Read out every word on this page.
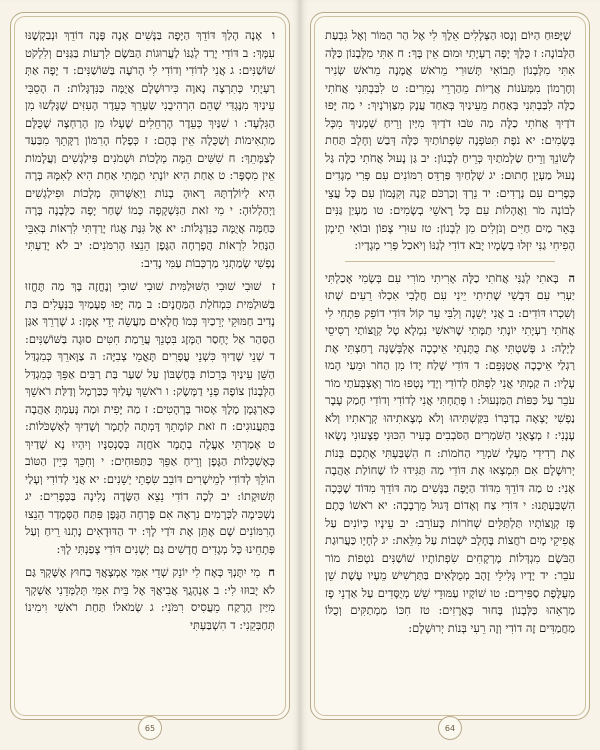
ו אָנָה הָלַךְ דּוֹדֵךְ הַיָּפָה בַּנָּשִׁים אָנָה פָּנָה דוֹדֵךְ וּנְבַקְשֶׁנּוּ עִמָּךְ: ב דּוֹדִי יָרַד לְגַנּוֹ לַעֲרוּגוֹת הַבֹּשֶׂם לִרְעוֹת בַּגַּנִּים וְלִלְקֹט שׁוֹשַׁנִּים: ג אֲנִי לְדוֹדִי וְדוֹדִי לִי הָרֹעֶה בַּשּׁוֹשַׁנִּים: ד יָפָה אַתְּ רַעְיָתִי כְּתִרְצָה נָאוָה כִּירוּשָׁלָם אֲיֻמָּה כַּנִּדְגָּלוֹת: ה הָסֵבִּי עֵינַיִךְ מִנֶּגְדִּי שֶׁהֵם הִרְהִיבֻנִי שַׂעְרֵךְ כְּעֵדֶר הָעִזִּים שֶׁגָּלְשׁוּ מִן הַגִּלְעָד: ו שִׁנַּיִךְ כְּעֵדֶר הָרְחֵלִים שֶׁעָלוּ מִן הָרַחְצָה שֶׁכֻּלָּם מַתְאִימוֹת וְשַׁכֻּלָה אֵין בָּהֶם: ז כְּפֶלַח הָרִמּוֹן רַקָּתֵךְ מִבַּעַד לְצַמָּתֵךְ: ח שִׁשִּׁים הֵמָּה מְלָכוֹת וּשְׁמֹנִים פִּילַגְשִׁים וַעֲלָמוֹת אֵין מִסְפָּר: ט אַחַת הִיא יוֹנָתִי תַמָּתִי אַחַת הִיא לְאִמָּהּ בָּרָה הִיא לְיוֹלַדְתָּהּ רָאוּהָ בָנוֹת וַיְאַשְּׁרוּהָ מְלָכוֹת וּפִילַגְשִׁים וַיְהַלְלוּהָ: י מִי זֹאת הַנִּשְׁקָפָה כְּמוֹ שָׁחַר יָפָה כַלְּבָנָה בָּרָה כַּחַמָּה אֲיֻמָּה כַּנִּדְגָּלוֹת: יא אֶל גִּנַּת אֱגוֹז יָרַדְתִּי לִרְאוֹת בְּאִבֵּי הַנָּחַל לִרְאוֹת הֲפָרְחָה הַגֶּפֶן הֵנֵצוּ הָרִמֹּנִים: יב לֹא יָדַעְתִּי נַפְשִׁי שָׂמַתְנִי מַרְכְּבוֹת עַמִּי נָדִיב:

ז שׁוּבִי שׁוּבִי הַשּׁוּלַמִּית שׁוּבִי שׁוּבִי וְנֶחֱזֶה בָּךְ מַה תֶּחֱזוּ בַּשּׁוּלַמִּית כִּמְחֹלַת הַמַּחֲנָיִם: ב מַה יָּפוּ פְעָמַיִךְ בַּנְּעָלִים בַּת נָדִיב חַמּוּקֵי יְרֵכַיִךְ כְּמוֹ חֲלָאִים מַעֲשֵׂה יְדֵי אָמָּן: ג שָׁרְרֵךְ אַגַּן הַסַּהַר אַל יֶחְסַר הַמָּזֶג בִּטְנֵךְ עֲרֵמַת חִטִּים סוּגָה בַּשּׁוֹשַׁנִּים: ד שְׁנֵי שָׁדַיִךְ כִּשְׁנֵי עֳפָרִים תָּאֳמֵי צְבִיָּה: ה צַוָּארֵךְ כְּמִגְדַּל הַשֵּׁן עֵינַיִךְ בְּרֵכוֹת בְּחֶשְׁבּוֹן עַל שַׁעַר בַּת רַבִּים אַפֵּךְ כְּמִגְדַּל הַלְּבָנוֹן צוֹפֶה פְּנֵי דַמָּשֶׂק: ו רֹאשֵׁךְ עָלַיִךְ כַּכַּרְמֶל וְדַלַּת רֹאשֵׁךְ כָּאַרְגָּמָן מֶלֶךְ אָסוּר בָּרְהָטִים: ז מַה יָּפִית וּמַה נָּעַמְתְּ אַהֲבָה בַּתַּעֲנוּגִים: ח זֹאת קוֹמָתֵךְ דָּמְתָה לְתָמָר וְשָׁדַיִךְ לְאַשְׁכֹּלוֹת: ט אָמַרְתִּי אֶעֱלֶה בְתָמָר אֹחֲזָה בְּסַנְסִנָּיו וְיִהְיוּ נָא שָׁדַיִךְ כְּאֶשְׁכְּלוֹת הַגֶּפֶן וְרֵיחַ אַפֵּךְ כַּתַּפּוּחִים: י וְחִכֵּךְ כְּיֵין הַטּוֹב הוֹלֵךְ לְדוֹדִי לְמֵישָׁרִים דּוֹבֵב שִׂפְתֵי יְשֵׁנִים: יא אֲנִי לְדוֹדִי וְעָלַי תְּשׁוּקָתוֹ: יב לְכָה דוֹדִי נֵצֵא הַשָּׂדֶה נָלִינָה בַּכְּפָרִים: יג נַשְׁכִּימָה לַכְּרָמִים נִרְאֶה אִם פָּרְחָה הַגֶּפֶן פִּתַּח הַסְּמָדַר הֵנֵצוּ הָרִמּוֹנִים שָׁם אֶתֵּן אֶת דֹּדַי לָךְ: יד הַדּוּדָאִים נָתְנוּ רֵיחַ וְעַל פְּתָחֵינוּ כָּל מְגָדִים חֲדָשִׁים גַּם יְשָׁנִים דּוֹדִי צָפַנְתִּי לָךְ:

ח מִי יִתֶּנְךָ כְּאָח לִי יוֹנֵק שְׁדֵי אִמִּי אֶמְצָאֲךָ בַחוּץ אֶשָּׁקְךָ גַּם לֹא יָבוּזוּ לִי: ב אֶנְהָגֲךָ אֲבִיאֲךָ אֶל בֵּית אִמִּי תְּלַמְּדֵנִי אַשְׁקְךָ מִיַּיִן הָרֶקַח מֵעֲסִיס רִמֹּנִי: ג שְׂמֹאלוֹ תַּחַת רֹאשִׁי וִימִינוֹ תְּחַבְּקֵנִי: ד הִשְׁבַּעְתִּי

65

שֶׁיָּפוּחַ הַיּוֹם וְנָסוּ הַצְּלָלִים אֵלֶךְ לִי אֶל הַר הַמּוֹר וְאֶל גִּבְעַת הַלְּבוֹנָה: ז כֻּלָּךְ יָפָה רַעְיָתִי וּמוּם אֵין בָּךְ: ח אִתִּי מִלְּבָנוֹן כַּלָּה אִתִּי מִלְּבָנוֹן תָּבוֹאִי תָּשׁוּרִי מֵרֹאשׁ אֲמָנָה מֵרֹאשׁ שְׂנִיר וְחֶרְמוֹן מִמְּעֹנוֹת אֲרָיוֹת מֵהַרְרֵי נְמֵרִים: ט לִבַּבְתִּנִי אֲחֹתִי כַלָּה לִבַּבְתִּנִי בְּאַחַת מֵעֵינַיִךְ בְּאַחַד עֲנָק מִצַּוְּרֹנָיִךְ: י מַה יָּפוּ דֹדַיִךְ אֲחֹתִי כַלָּה מַה טֹּבוּ דֹדַיִךְ מִיַּיִן וְרֵיחַ שְׁמָנַיִךְ מִכָּל בְּשָׂמִים: יא נֹפֶת תִּטֹּפְנָה שִׂפְתוֹתַיִךְ כַּלָּה דְּבַשׁ וְחָלָב תַּחַת לְשׁוֹנֵךְ וְרֵיחַ שַׂלְמֹתַיִךְ כְּרֵיחַ לְבָנוֹן: יב גַּן נָעוּל אֲחֹתִי כַלָּה גַּל נָעוּל מַעְיָן חָתוּם: יג שְׁלָחַיִךְ פַּרְדֵּס רִמּוֹנִים עִם פְּרִי מְגָדִים כְּפָרִים עִם נְרָדִים: יד נֵרְדְּ וְכַרְכֹּם קָנֶה וְקִנָּמוֹן עִם כָּל עֲצֵי לְבוֹנָה מֹר וַאֲהָלוֹת עִם כָּל רָאשֵׁי בְשָׂמִים: טו מַעְיַן גַּנִּים בְּאֵר מַיִם חַיִּים וְנֹזְלִים מִן לְבָנוֹן: טז עוּרִי צָפוֹן וּבוֹאִי תֵימָן הָפִיחִי גַנִּי יִזְּלוּ בְשָׂמָיו יָבֹא דוֹדִי לְגַנּוֹ וְיֹאכַל פְּרִי מְגָדָיו:

ה בָּאתִי לְגַנִּי אֲחֹתִי כַלָּה אָרִיתִי מוֹרִי עִם בְּשָׂמִי אָכַלְתִּי יַעְרִי עִם דִּבְשִׁי שָׁתִיתִי יֵינִי עִם חֲלָבִי אִכְלוּ רֵעִים שְׁתוּ וְשִׁכְרוּ דּוֹדִים: ב אֲנִי יְשֵׁנָה וְלִבִּי עֵר קוֹל דּוֹדִי דוֹפֵק פִּתְחִי לִי אֲחֹתִי רַעְיָתִי יוֹנָתִי תַמָּתִי שֶׁרֹּאשִׁי נִמְלָא טָל קְוֻצּוֹתַי רְסִיסֵי לָיְלָה: ג פָּשַׁטְתִּי אֶת כֻּתָּנְתִּי אֵיכָכָה אֶלְבָּשֶׁנָּה רָחַצְתִּי אֶת רַגְלַי אֵיכָכָה אֲטַנְּפֵם: ד דּוֹדִי שָׁלַח יָדוֹ מִן הַחֹר וּמֵעַי הָמוּ עָלָיו: ה קַמְתִּי אֲנִי לִפְתֹּחַ לְדוֹדִי וְיָדַי נָטְפוּ מוֹר וְאֶצְבְּעֹתַי מוֹר עֹבֵר עַל כַּפּוֹת הַמַּנְעוּל: ו פָּתַחְתִּי אֲנִי לְדוֹדִי וְדוֹדִי חָמַק עָבָר נַפְשִׁי יָצְאָה בְדַבְּרוֹ בִּקַּשְׁתִּיהוּ וְלֹא מְצָאתִיהוּ קְרָאתִיו וְלֹא עָנָנִי: ז מְצָאֻנִי הַשֹּׁמְרִים הַסֹּבְבִים בָּעִיר הִכּוּנִי פְצָעוּנִי נָשְׂאוּ אֶת רְדִידִי מֵעָלַי שֹׁמְרֵי הַחֹמוֹת: ח הִשְׁבַּעְתִּי אֶתְכֶם בְּנוֹת יְרוּשָׁלָם אִם תִּמְצְאוּ אֶת דּוֹדִי מַה תַּגִּידוּ לוֹ שֶׁחוֹלַת אַהֲבָה אָנִי: ט מַה דּוֹדֵךְ מִדּוֹד הַיָּפָה בַּנָּשִׁים מַה דּוֹדֵךְ מִדּוֹד שֶׁכָּכָה הִשְׁבַּעְתָּנוּ: י דּוֹדִי צַח וְאָדוֹם דָּגוּל מֵרְבָבָה: יא רֹאשׁוֹ כֶּתֶם פָּז קְוֻצּוֹתָיו תַּלְתַּלִּים שְׁחֹרוֹת כָּעוֹרֵב: יב עֵינָיו כְּיוֹנִים עַל אֲפִיקֵי מָיִם רֹחֲצוֹת בֶּחָלָב יֹשְׁבוֹת עַל מִלֵּאת: יג לְחָיָו כַּעֲרוּגַת הַבֹּשֶׂם מִגְדְּלוֹת מֶרְקָחִים שִׂפְתוֹתָיו שׁוֹשַׁנִּים נֹטְפוֹת מוֹר עֹבֵר: יד יָדָיו גְּלִילֵי זָהָב מְמֻלָּאִים בַּתַּרְשִׁישׁ מֵעָיו עֶשֶׁת שֵׁן מְעֻלֶּפֶת סַפִּירִים: טו שׁוֹקָיו עַמּוּדֵי שֵׁשׁ מְיֻסָּדִים עַל אַדְנֵי פָז מַרְאֵהוּ כַּלְּבָנוֹן בָּחוּר כָּאֲרָזִים: טז חִכּוֹ מַמְתַקִּים וְכֻלּוֹ מַחֲמַדִּים זֶה דוֹדִי וְזֶה רֵעִי בְּנוֹת יְרוּשָׁלָם:

64
